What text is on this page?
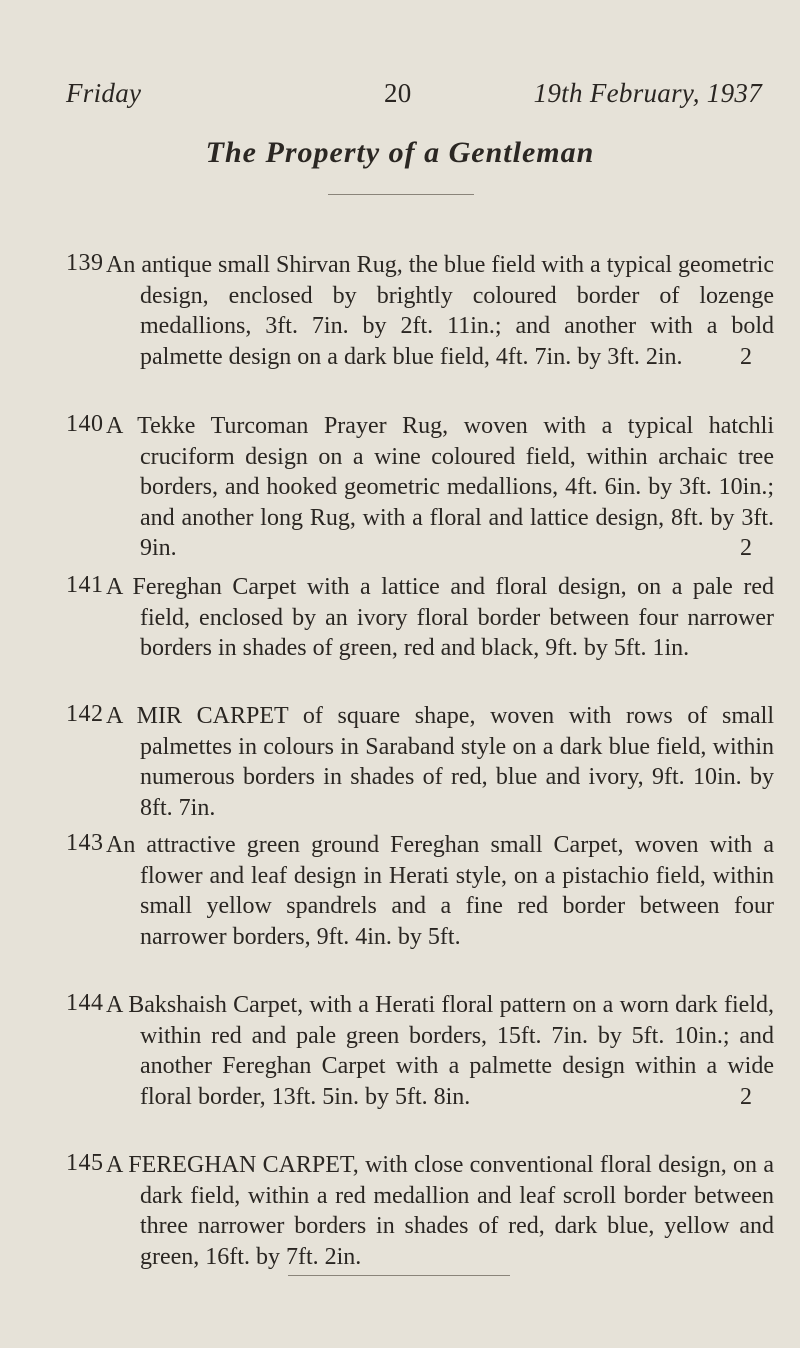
Friday	20	19th February, 1937
The Property of a Gentleman
139 An antique small Shirvan Rug, the blue field with a typical geometric design, enclosed by brightly coloured border of lozenge medallions, 3ft. 7in. by 2ft. 11in.; and another with a bold palmette design on a dark blue field, 4ft. 7in. by 3ft. 2in. 2
140 A Tekke Turcoman Prayer Rug, woven with a typical hatchli cruciform design on a wine coloured field, within archaic tree borders, and hooked geometric medallions, 4ft. 6in. by 3ft. 10in.; and another long Rug, with a floral and lattice design, 8ft. by 3ft. 9in.	2
141 A Fereghan Carpet with a lattice and floral design, on a pale red field, enclosed by an ivory floral border between four narrower borders in shades of green, red and black, 9ft. by 5ft. 1in.
142 A MIR CARPET of square shape, woven with rows of small palmettes in colours in Saraband style on a dark blue field, within numerous borders in shades of red, blue and ivory, 9ft. 10in. by 8ft. 7in.
143 An attractive green ground Fereghan small Carpet, woven with a flower and leaf design in Herati style, on a pistachio field, within small yellow spandrels and a fine red border between four narrower borders, 9ft. 4in. by 5ft.
144 A Bakshaish Carpet, with a Herati floral pattern on a worn dark field, within red and pale green borders, 15ft. 7in. by 5ft. 10in.; and another Fereghan Carpet with a palmette design within a wide floral border, 13ft. 5in. by 5ft. 8in.	2
145 A FEREGHAN CARPET, with close conventional floral design, on a dark field, within a red medallion and leaf scroll border between three narrower borders in shades of red, dark blue, yellow and green, 16ft. by 7ft. 2in.
